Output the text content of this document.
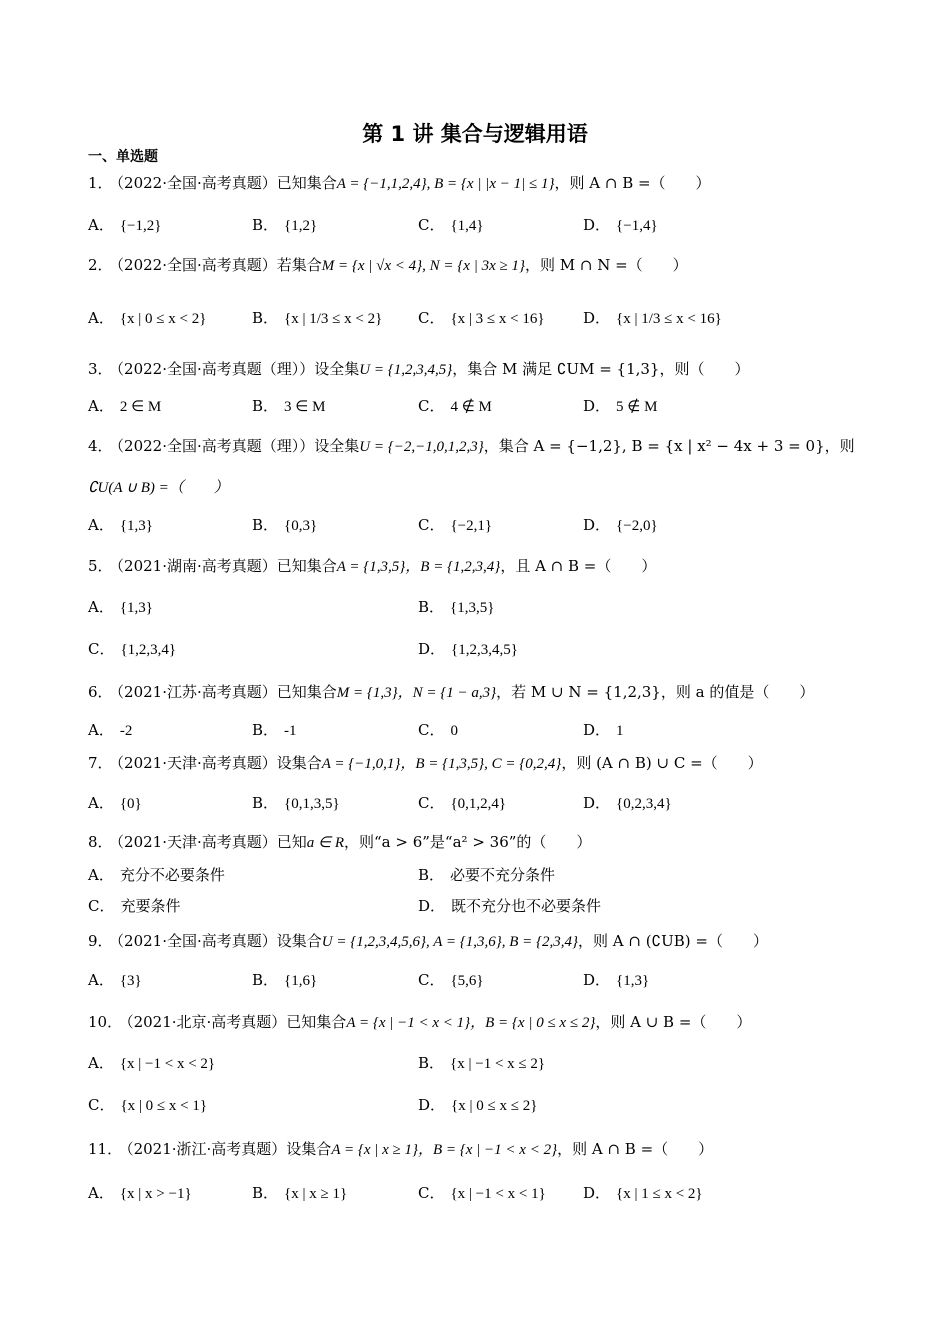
第 1 讲 集合与逻辑用语
一、单选题
1． （2022·全国·高考真题）已知集合A = {−1,1,2,4}, B = {x | |x − 1| ≤ 1}，则 A ∩ B =（　　）
A． {−1,2}	B． {1,2}	C． {1,4}	D． {−1,4}
2． （2022·全国·高考真题）若集合M = {x | √x < 4}, N = {x | 3x ≥ 1}，则 M ∩ N =（　　）
A． {x | 0 ≤ x < 2}	B． {x | 1/3 ≤ x < 2} C． {x | 3 ≤ x < 16}	D． {x | 1/3 ≤ x < 16}
3． （2022·全国·高考真题（理））设全集U = {1,2,3,4,5}，集合 M 满足 ∁UM = {1,3}，则（　　）
A． 2 ∈ M	B． 3 ∈ M	C． 4 ∉ M	D． 5 ∉ M
4． （2022·全国·高考真题（理））设全集U = {−2,−1,0,1,2,3}，集合 A = {−1,2}, B = {x | x² − 4x + 3 = 0}，则
∁U(A ∪ B) =（　　）
A． {1,3}	B． {0,3}	C． {−2,1}	D． {−2,0}
5． （2021·湖南·高考真题）已知集合A = {1,3,5}，B = {1,2,3,4}，且 A ∩ B =（　　）
A． {1,3}	B． {1,3,5}
C． {1,2,3,4}	D． {1,2,3,4,5}
6． （2021·江苏·高考真题）已知集合M = {1,3}，N = {1 − a,3}，若 M ∪ N = {1,2,3}，则 a 的值是（　　）
A． -2	B． -1	C． 0	D． 1
7． （2021·天津·高考真题）设集合A = {−1,0,1}，B = {1,3,5}, C = {0,2,4}，则 (A ∩ B) ∪ C =（　　）
A． {0}	B． {0,1,3,5}	C． {0,1,2,4}	D． {0,2,3,4}
8． （2021·天津·高考真题）已知a ∈ R，则“a > 6”是“a² > 36”的（　　）
A． 充分不必要条件	B． 必要不充分条件
C． 充要条件	D． 既不充分也不必要条件
9． （2021·全国·高考真题）设集合U = {1,2,3,4,5,6}, A = {1,3,6}, B = {2,3,4}，则 A ∩ (∁UB) =（　　）
A． {3}	B． {1,6}	C． {5,6}	D． {1,3}
10． （2021·北京·高考真题）已知集合A = {x | −1 < x < 1}，B = {x | 0 ≤ x ≤ 2}，则 A ∪ B =（　　）
A． {x | −1 < x < 2}	B． {x | −1 < x ≤ 2}
C． {x | 0 ≤ x < 1}	D． {x | 0 ≤ x ≤ 2}
11． （2021·浙江·高考真题）设集合A = {x | x ≥ 1}，B = {x | −1 < x < 2}，则 A ∩ B =（　　）
A． {x | x > −1}	B． {x | x ≥ 1}	C． {x | −1 < x < 1} D． {x | 1 ≤ x < 2}
